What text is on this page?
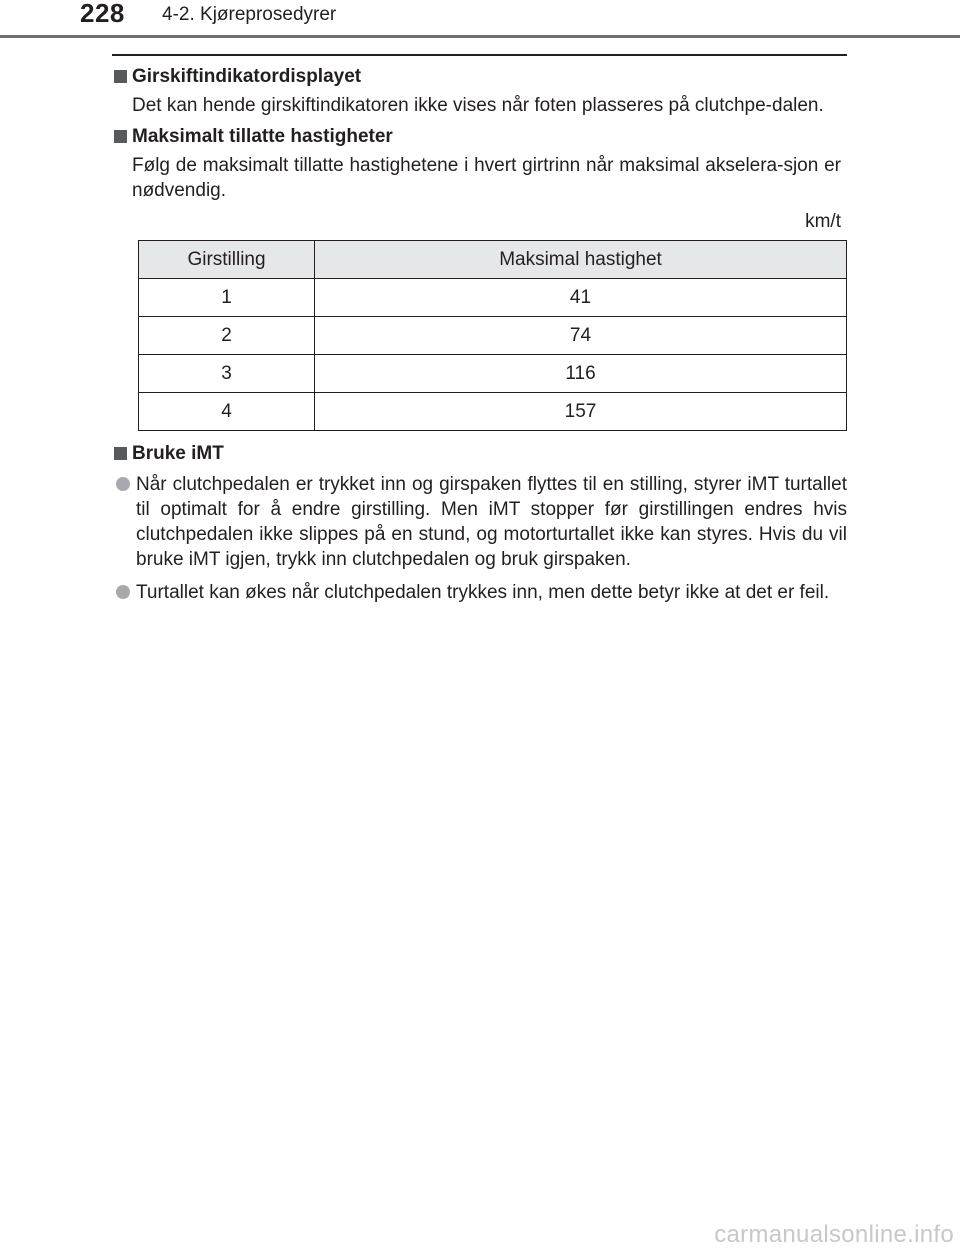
228 4-2. Kjøreprosedyrer

Girskiftindikatordisplayet

Det kan hende girskiftindikatoren ikke vises når foten plasseres på clutchpe-dalen.

Maksimalt tillatte hastigheter

Følg de maksimalt tillatte hastighetene i hvert girtrinn når maksimal akselera-sjon er nødvendig.

km/t
Girstilling	Maksimal hastighet
1	41
2	74
3	116
4	157

Bruke iMT

Når clutchpedalen er trykket inn og girspaken flyttes til en stilling, styrer iMT turtallet til optimalt for å endre girstilling. Men iMT stopper før girstillingen endres hvis clutchpedalen ikke slippes på en stund, og motorturtallet ikke kan styres. Hvis du vil bruke iMT igjen, trykk inn clutchpedalen og bruk girspaken.

Turtallet kan økes når clutchpedalen trykkes inn, men dette betyr ikke at det er feil.

carmanualsonline.info
